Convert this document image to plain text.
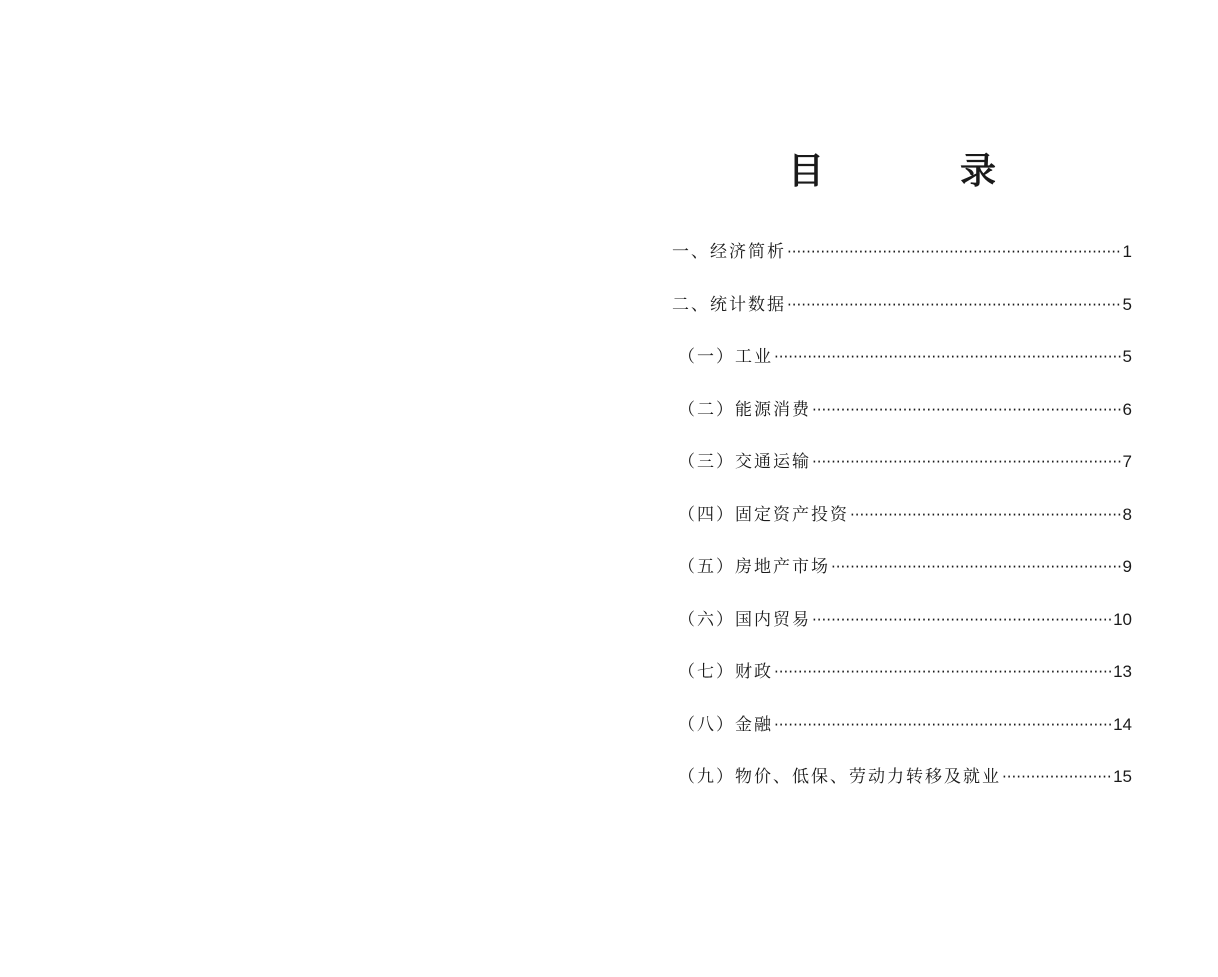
目　录
一、经济简析 ·····	1
二、统计数据 ·····	5
（一）工业 ·····	5
（二）能源消费 ·····	6
（三）交通运输 ·····	7
（四）固定资产投资 ·····	8
（五）房地产市场 ·····	9
（六）国内贸易 ·····	10
（七）财政 ·····	13
（八）金融 ·····	14
（九）物价、低保、劳动力转移及就业 ·····	15
